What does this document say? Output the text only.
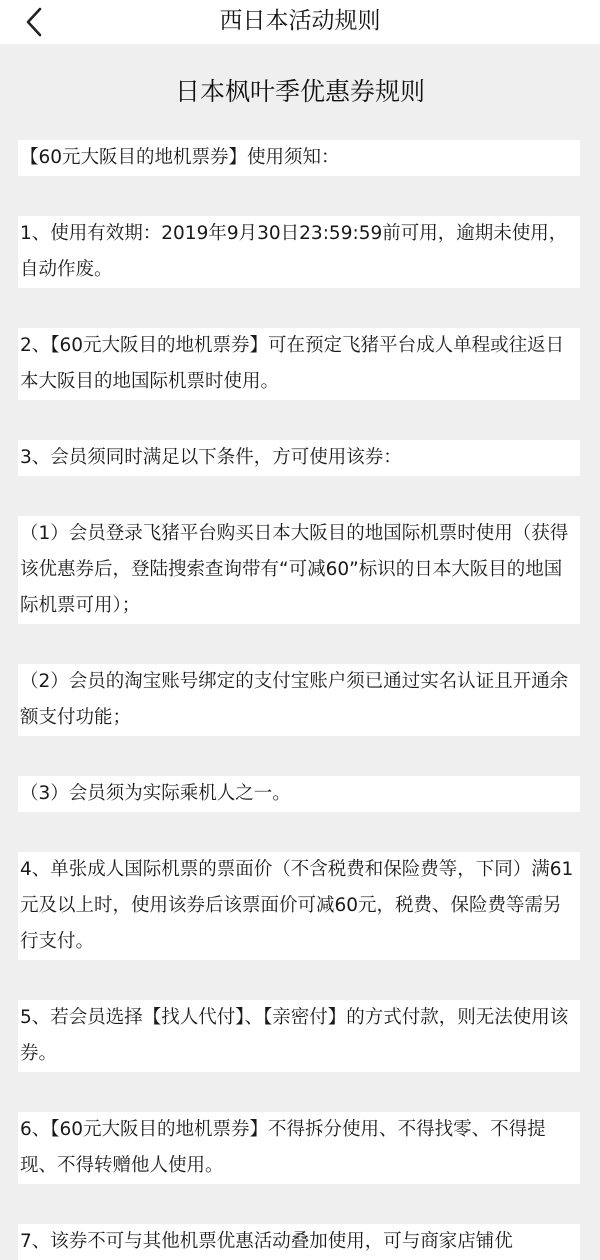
西日本活动规则
日本枫叶季优惠券规则
【60元大阪目的地机票券】使用须知：
1、使用有效期：2019年9月30日23:59:59前可用，逾期未使用，自动作废。
2、【60元大阪目的地机票券】可在预定飞猪平台成人单程或往返日本大阪目的地国际机票时使用。
3、会员须同时满足以下条件，方可使用该券：
（1）会员登录飞猪平台购买日本大阪目的地国际机票时使用（获得该优惠券后，登陆搜索查询带有“可减60”标识的日本大阪目的地国际机票可用）；
（2）会员的淘宝账号绑定的支付宝账户须已通过实名认证且开通余额支付功能；
（3）会员须为实际乘机人之一。
4、单张成人国际机票的票面价（不含税费和保险费等，下同）满61元及以上时，使用该券后该票面价可减60元，税费、保险费等需另行支付。
5、若会员选择【找人代付】、【亲密付】的方式付款，则无法使用该券。
6、【60元大阪目的地机票券】不得拆分使用、不得找零、不得提现、不得转赠他人使用。
7、该券不可与其他机票优惠活动叠加使用，可与商家店铺优
